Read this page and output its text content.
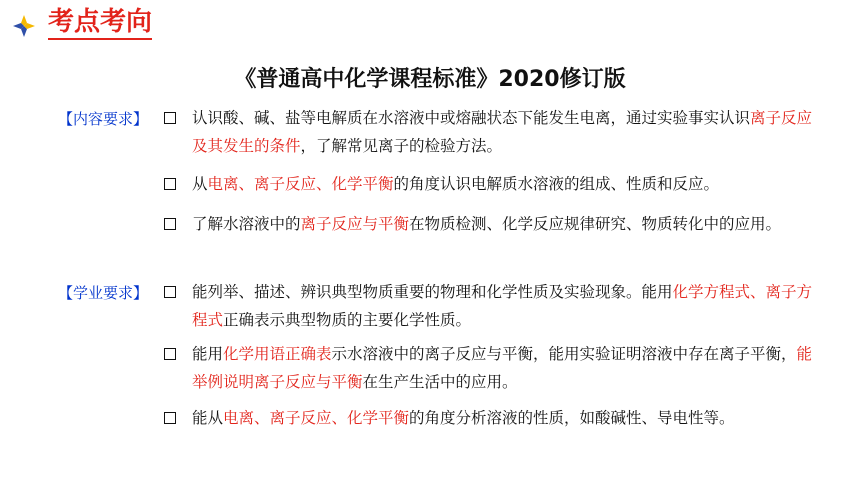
考点考向
《普通高中化学课程标准》2020修订版
【内容要求】	认识酸、碱、盐等电解质在水溶液中或熔融状态下能发生电离，通过实验事实认识离子反应及其发生的条件，了解常见离子的检验方法。
从电离、离子反应、化学平衡的角度认识电解质水溶液的组成、性质和反应。
了解水溶液中的离子反应与平衡在物质检测、化学反应规律研究、物质转化中的应用。
【学业要求】	能列举、描述、辨识典型物质重要的物理和化学性质及实验现象。能用化学方程式、离子方程式正确表示典型物质的主要化学性质。
能用化学用语正确表示水溶液中的离子反应与平衡，能用实验证明溶液中存在离子平衡，能举例说明离子反应与平衡在生产生活中的应用。
能从电离、离子反应、化学平衡的角度分析溶液的性质，如酸碱性、导电性等。
